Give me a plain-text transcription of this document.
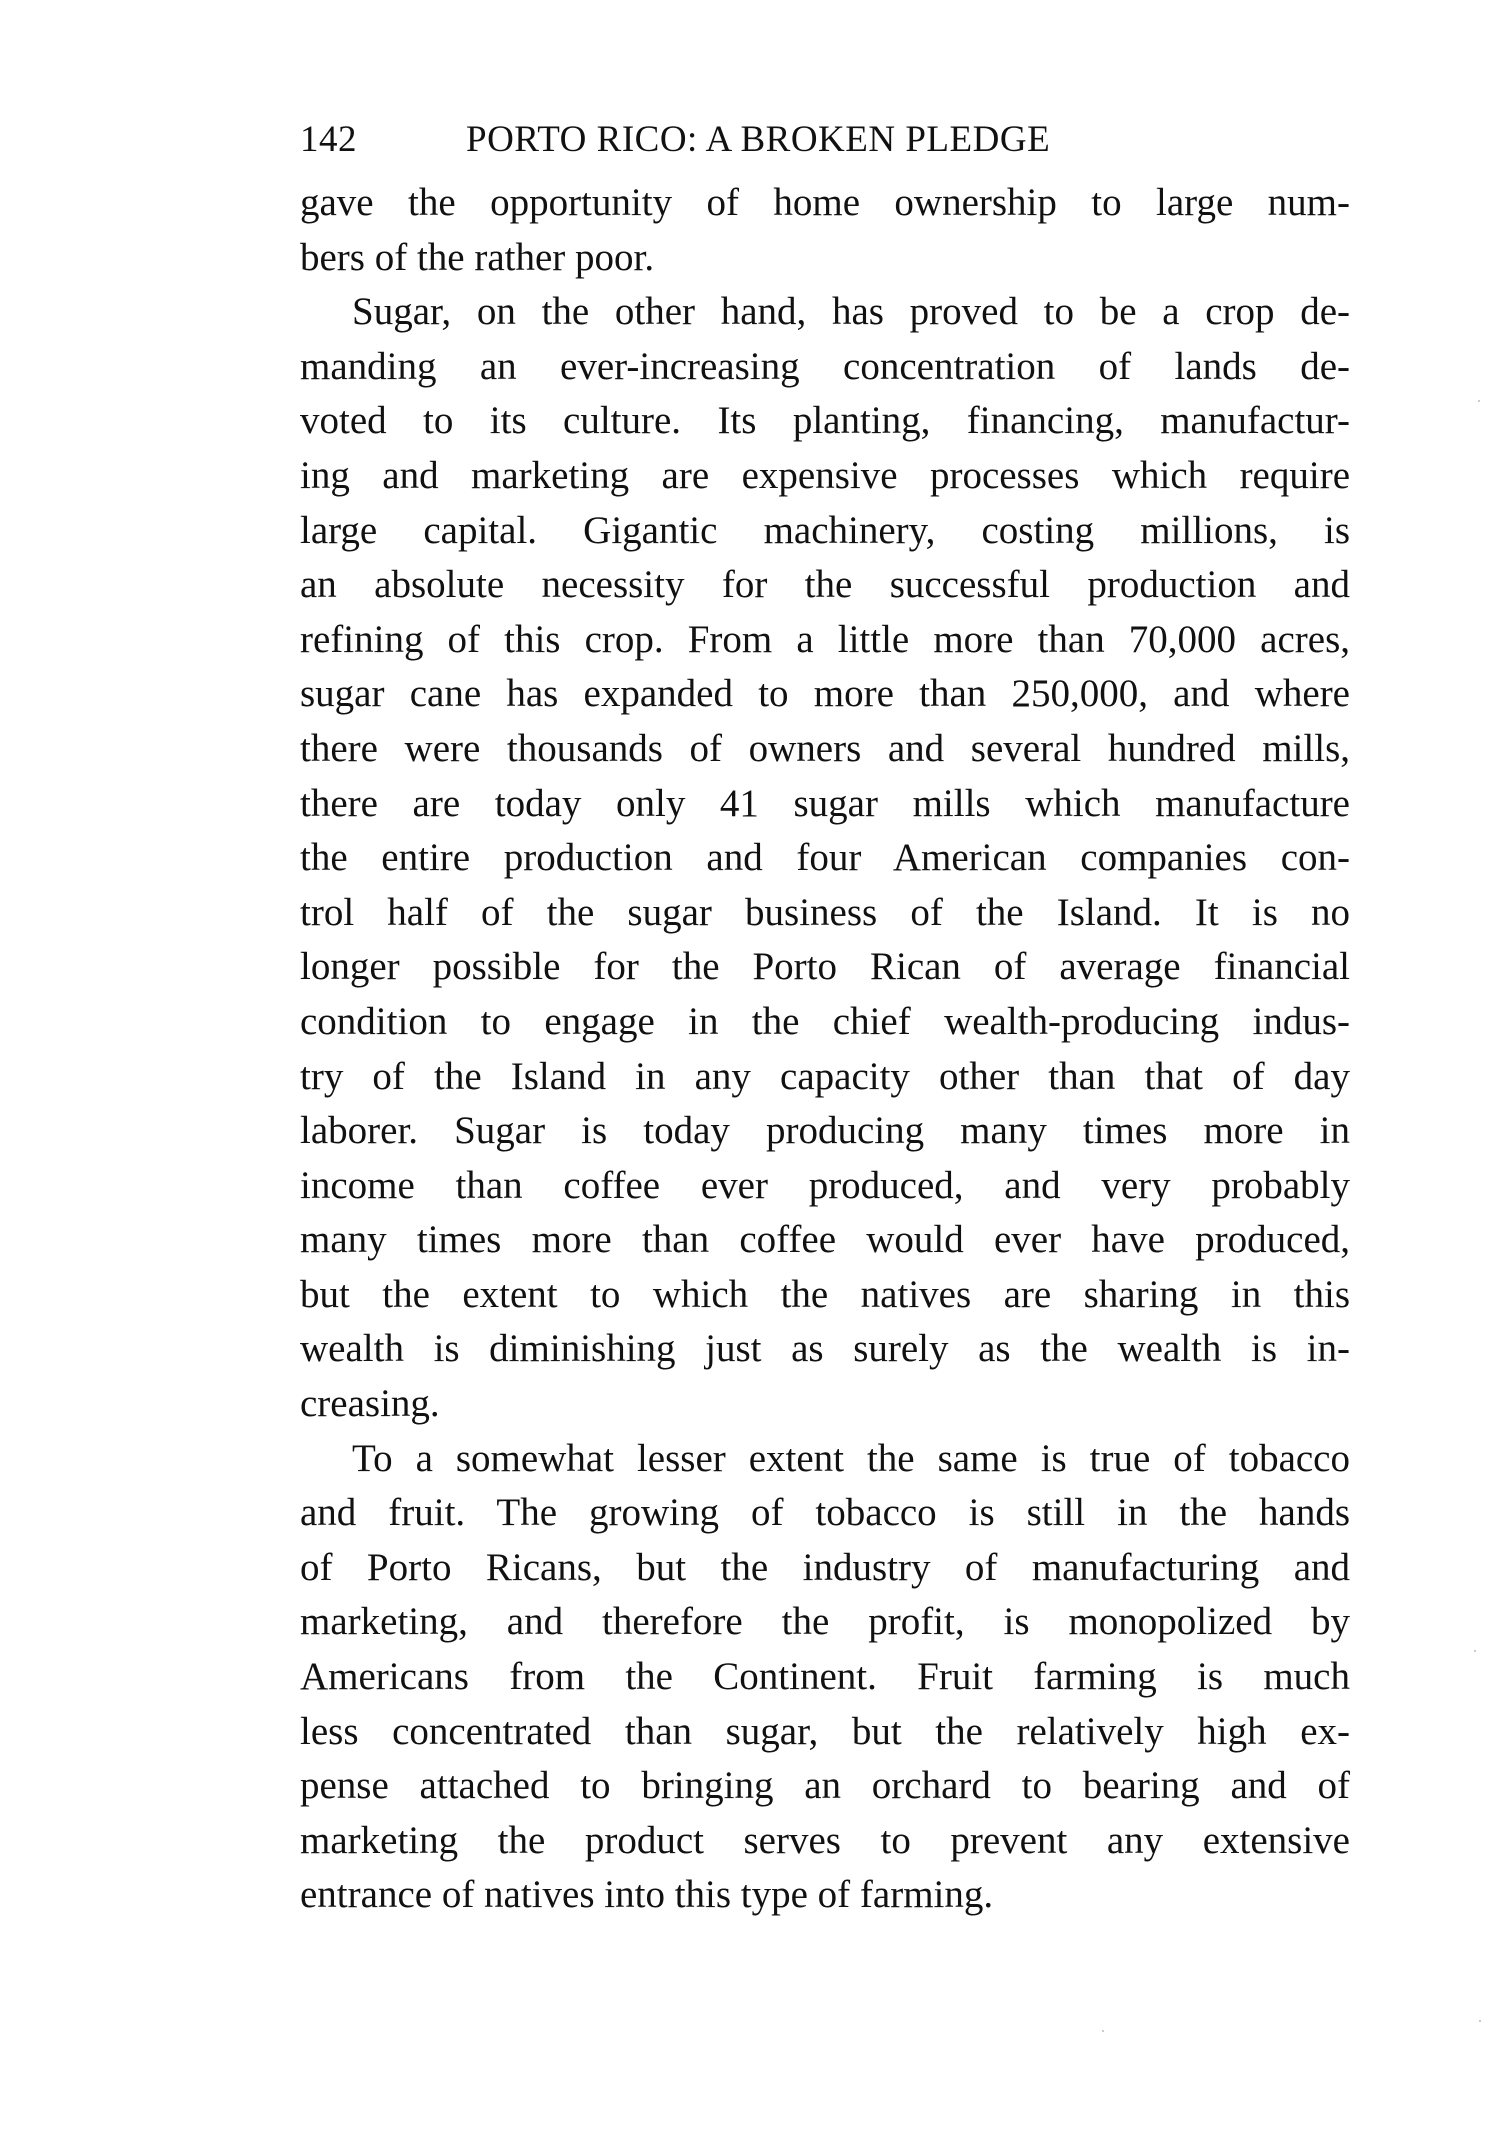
142	PORTO RICO: A BROKEN PLEDGE
gave the opportunity of home ownership to large num-
bers of the rather poor.
Sugar, on the other hand, has proved to be a crop de-
manding an ever-increasing concentration of lands de-
voted to its culture. Its planting, financing, manufactur-
ing and marketing are expensive processes which require
large capital. Gigantic machinery, costing millions, is
an absolute necessity for the successful production and
refining of this crop. From a little more than 70,000 acres,
sugar cane has expanded to more than 250,000, and where
there were thousands of owners and several hundred mills,
there are today only 41 sugar mills which manufacture
the entire production and four American companies con-
trol half of the sugar business of the Island. It is no
longer possible for the Porto Rican of average financial
condition to engage in the chief wealth-producing indus-
try of the Island in any capacity other than that of day
laborer. Sugar is today producing many times more in
income than coffee ever produced, and very probably
many times more than coffee would ever have produced,
but the extent to which the natives are sharing in this
wealth is diminishing just as surely as the wealth is in-
creasing.
To a somewhat lesser extent the same is true of tobacco
and fruit. The growing of tobacco is still in the hands
of Porto Ricans, but the industry of manufacturing and
marketing, and therefore the profit, is monopolized by
Americans from the Continent. Fruit farming is much
less concentrated than sugar, but the relatively high ex-
pense attached to bringing an orchard to bearing and of
marketing the product serves to prevent any extensive
entrance of natives into this type of farming.
